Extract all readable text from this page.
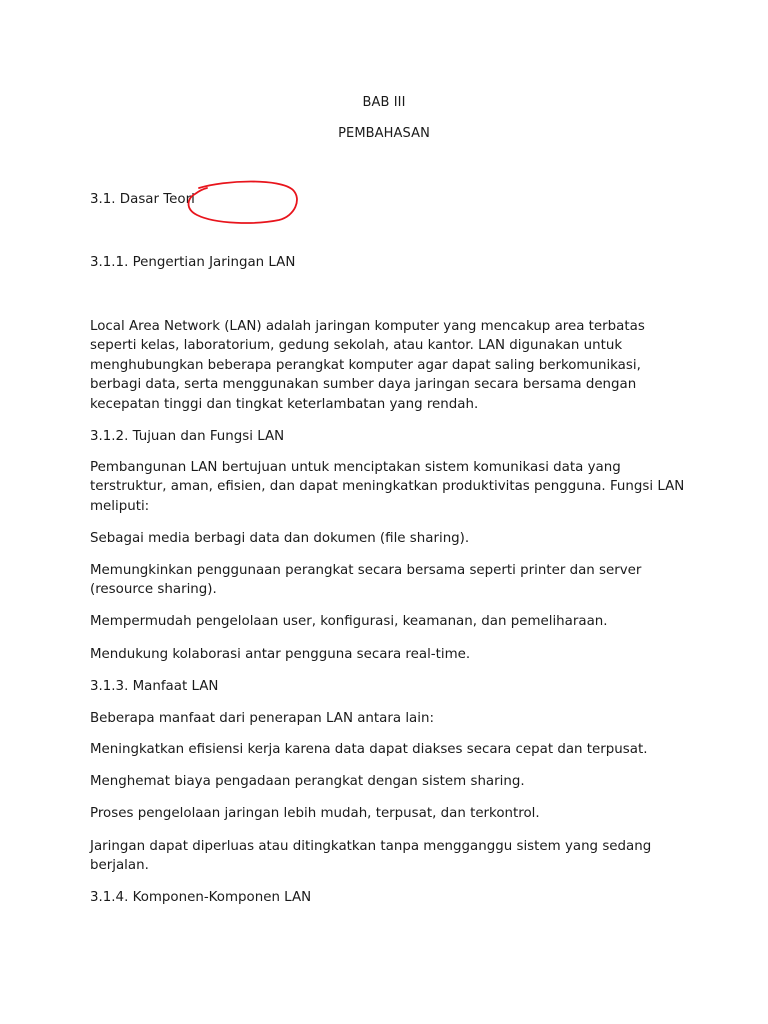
BAB III
PEMBAHASAN
3.1. Dasar Teori
3.1.1. Pengertian Jaringan LAN
Local Area Network (LAN) adalah jaringan komputer yang mencakup area terbatas
seperti kelas, laboratorium, gedung sekolah, atau kantor. LAN digunakan untuk
menghubungkan beberapa perangkat komputer agar dapat saling berkomunikasi,
berbagi data, serta menggunakan sumber daya jaringan secara bersama dengan
kecepatan tinggi dan tingkat keterlambatan yang rendah.
3.1.2. Tujuan dan Fungsi LAN
Pembangunan LAN bertujuan untuk menciptakan sistem komunikasi data yang
terstruktur, aman, efisien, dan dapat meningkatkan produktivitas pengguna. Fungsi LAN
meliputi:
Sebagai media berbagi data dan dokumen (file sharing).
Memungkinkan penggunaan perangkat secara bersama seperti printer dan server
(resource sharing).
Mempermudah pengelolaan user, konfigurasi, keamanan, dan pemeliharaan.
Mendukung kolaborasi antar pengguna secara real-time.
3.1.3. Manfaat LAN
Beberapa manfaat dari penerapan LAN antara lain:
Meningkatkan efisiensi kerja karena data dapat diakses secara cepat dan terpusat.
Menghemat biaya pengadaan perangkat dengan sistem sharing.
Proses pengelolaan jaringan lebih mudah, terpusat, dan terkontrol.
Jaringan dapat diperluas atau ditingkatkan tanpa mengganggu sistem yang sedang
berjalan.
3.1.4. Komponen-Komponen LAN
